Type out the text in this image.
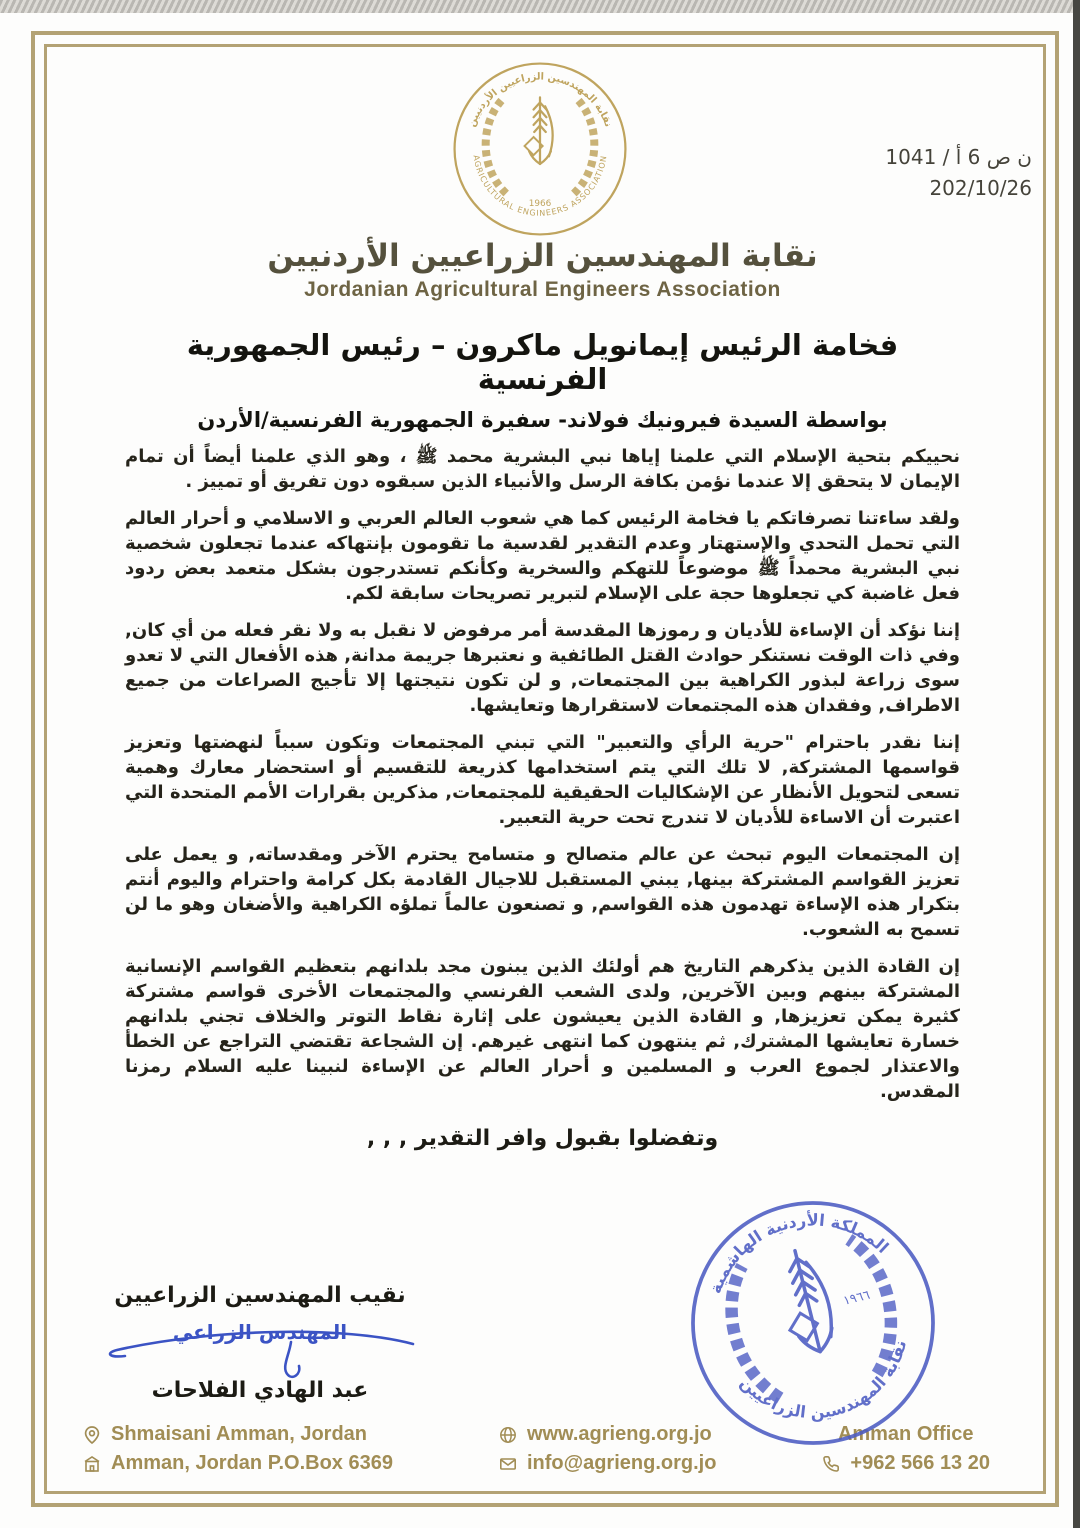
ن ص 6 أ / 1041
202/10/26
نقابة المهندسين الزراعيين الأردنيين
AGRICULTURAL ENGINEERS ASSOCIATION
1966
نقابة المهندسين الزراعيين الأردنيين
Jordanian Agricultural Engineers Association
فخامة الرئيس إيمانويل ماكرون – رئيس الجمهورية الفرنسية
بواسطة السيدة فيرونيك فولاند- سفيرة الجمهورية الفرنسية/الأردن

نحييكم بتحية الإسلام التي علمنا إياها نبي البشرية محمد ﷺ ، وهو الذي علمنا أيضاً أن تمام الإيمان لا يتحقق إلا عندما نؤمن بكافة الرسل والأنبياء الذين سبقوه دون تفريق أو تمييز .

ولقد ساءتنا تصرفاتكم يا فخامة الرئيس كما هي شعوب العالم العربي و الاسلامي و أحرار العالم التي تحمل التحدي والإستهتار وعدم التقدير لقدسية ما تقومون بإنتهاكه عندما تجعلون شخصية نبي البشرية محمداً ﷺ موضوعاً للتهكم والسخرية وكأنكم تستدرجون بشكل متعمد بعض ردود فعل غاضبة كي تجعلوها حجة على الإسلام لتبرير تصريحات سابقة لكم.

إننا نؤكد أن الإساءة للأديان و رموزها المقدسة أمر مرفوض لا نقبل به ولا نقر فعله من أي كان, وفي ذات الوقت نستنكر حوادث القتل الطائفية و نعتبرها جريمة مدانة, هذه الأفعال التي لا تعدو سوى زراعة لبذور الكراهية بين المجتمعات, و لن تكون نتيجتها إلا تأجيج الصراعات من جميع الاطراف, وفقدان هذه المجتمعات لاستقرارها وتعايشها.

إننا نقدر باحترام "حرية الرأي والتعبير" التي تبني المجتمعات وتكون سبباً لنهضتها وتعزيز قواسمها المشتركة, لا تلك التي يتم استخدامها كذريعة للتقسيم أو استحضار معارك وهمية تسعى لتحويل الأنظار عن الإشكاليات الحقيقية للمجتمعات, مذكرين بقرارات الأمم المتحدة التي اعتبرت أن الاساءة للأديان لا تندرج تحت حرية التعبير.

إن المجتمعات اليوم تبحث عن عالم متصالح و متسامح يحترم الآخر ومقدساته, و يعمل على تعزيز القواسم المشتركة بينها, يبني المستقبل للاجيال القادمة بكل كرامة واحترام واليوم أنتم بتكرار هذه الإساءة تهدمون هذه القواسم, و تصنعون عالماً تملؤه الكراهية والأضغان وهو ما لن تسمح به الشعوب.

إن القادة الذين يذكرهم التاريخ هم أولئك الذين يبنون مجد بلدانهم بتعظيم القواسم الإنسانية المشتركة بينهم وبين الآخرين, ولدى الشعب الفرنسي والمجتمعات الأخرى قواسم مشتركة كثيرة يمكن تعزيزها, و القادة الذين يعيشون على إثارة نقاط التوتر والخلاف تجني بلدانهم خسارة تعايشها المشترك, ثم ينتهون كما انتهى غيرهم. إن الشجاعة تقتضي التراجع عن الخطأ والاعتذار لجموع العرب و المسلمين و أحرار العالم عن الإساءة لنبينا عليه السلام رمزنا المقدس.

وتفضلوا بقبول وافر التقدير , , ,
نقيب المهندسين الزراعيين
المهندس الزراعي
عبد الهادي الفلاحات
المملكة الأردنية الهاشمية
نقابة المهندسين الزراعيين
١٩٦٦
Shmaisani Amman, Jordan
Amman, Jordan P.O.Box 6369
www.agrieng.org.jo
info@agrieng.org.jo
Amman Office
+962 566 13 20
